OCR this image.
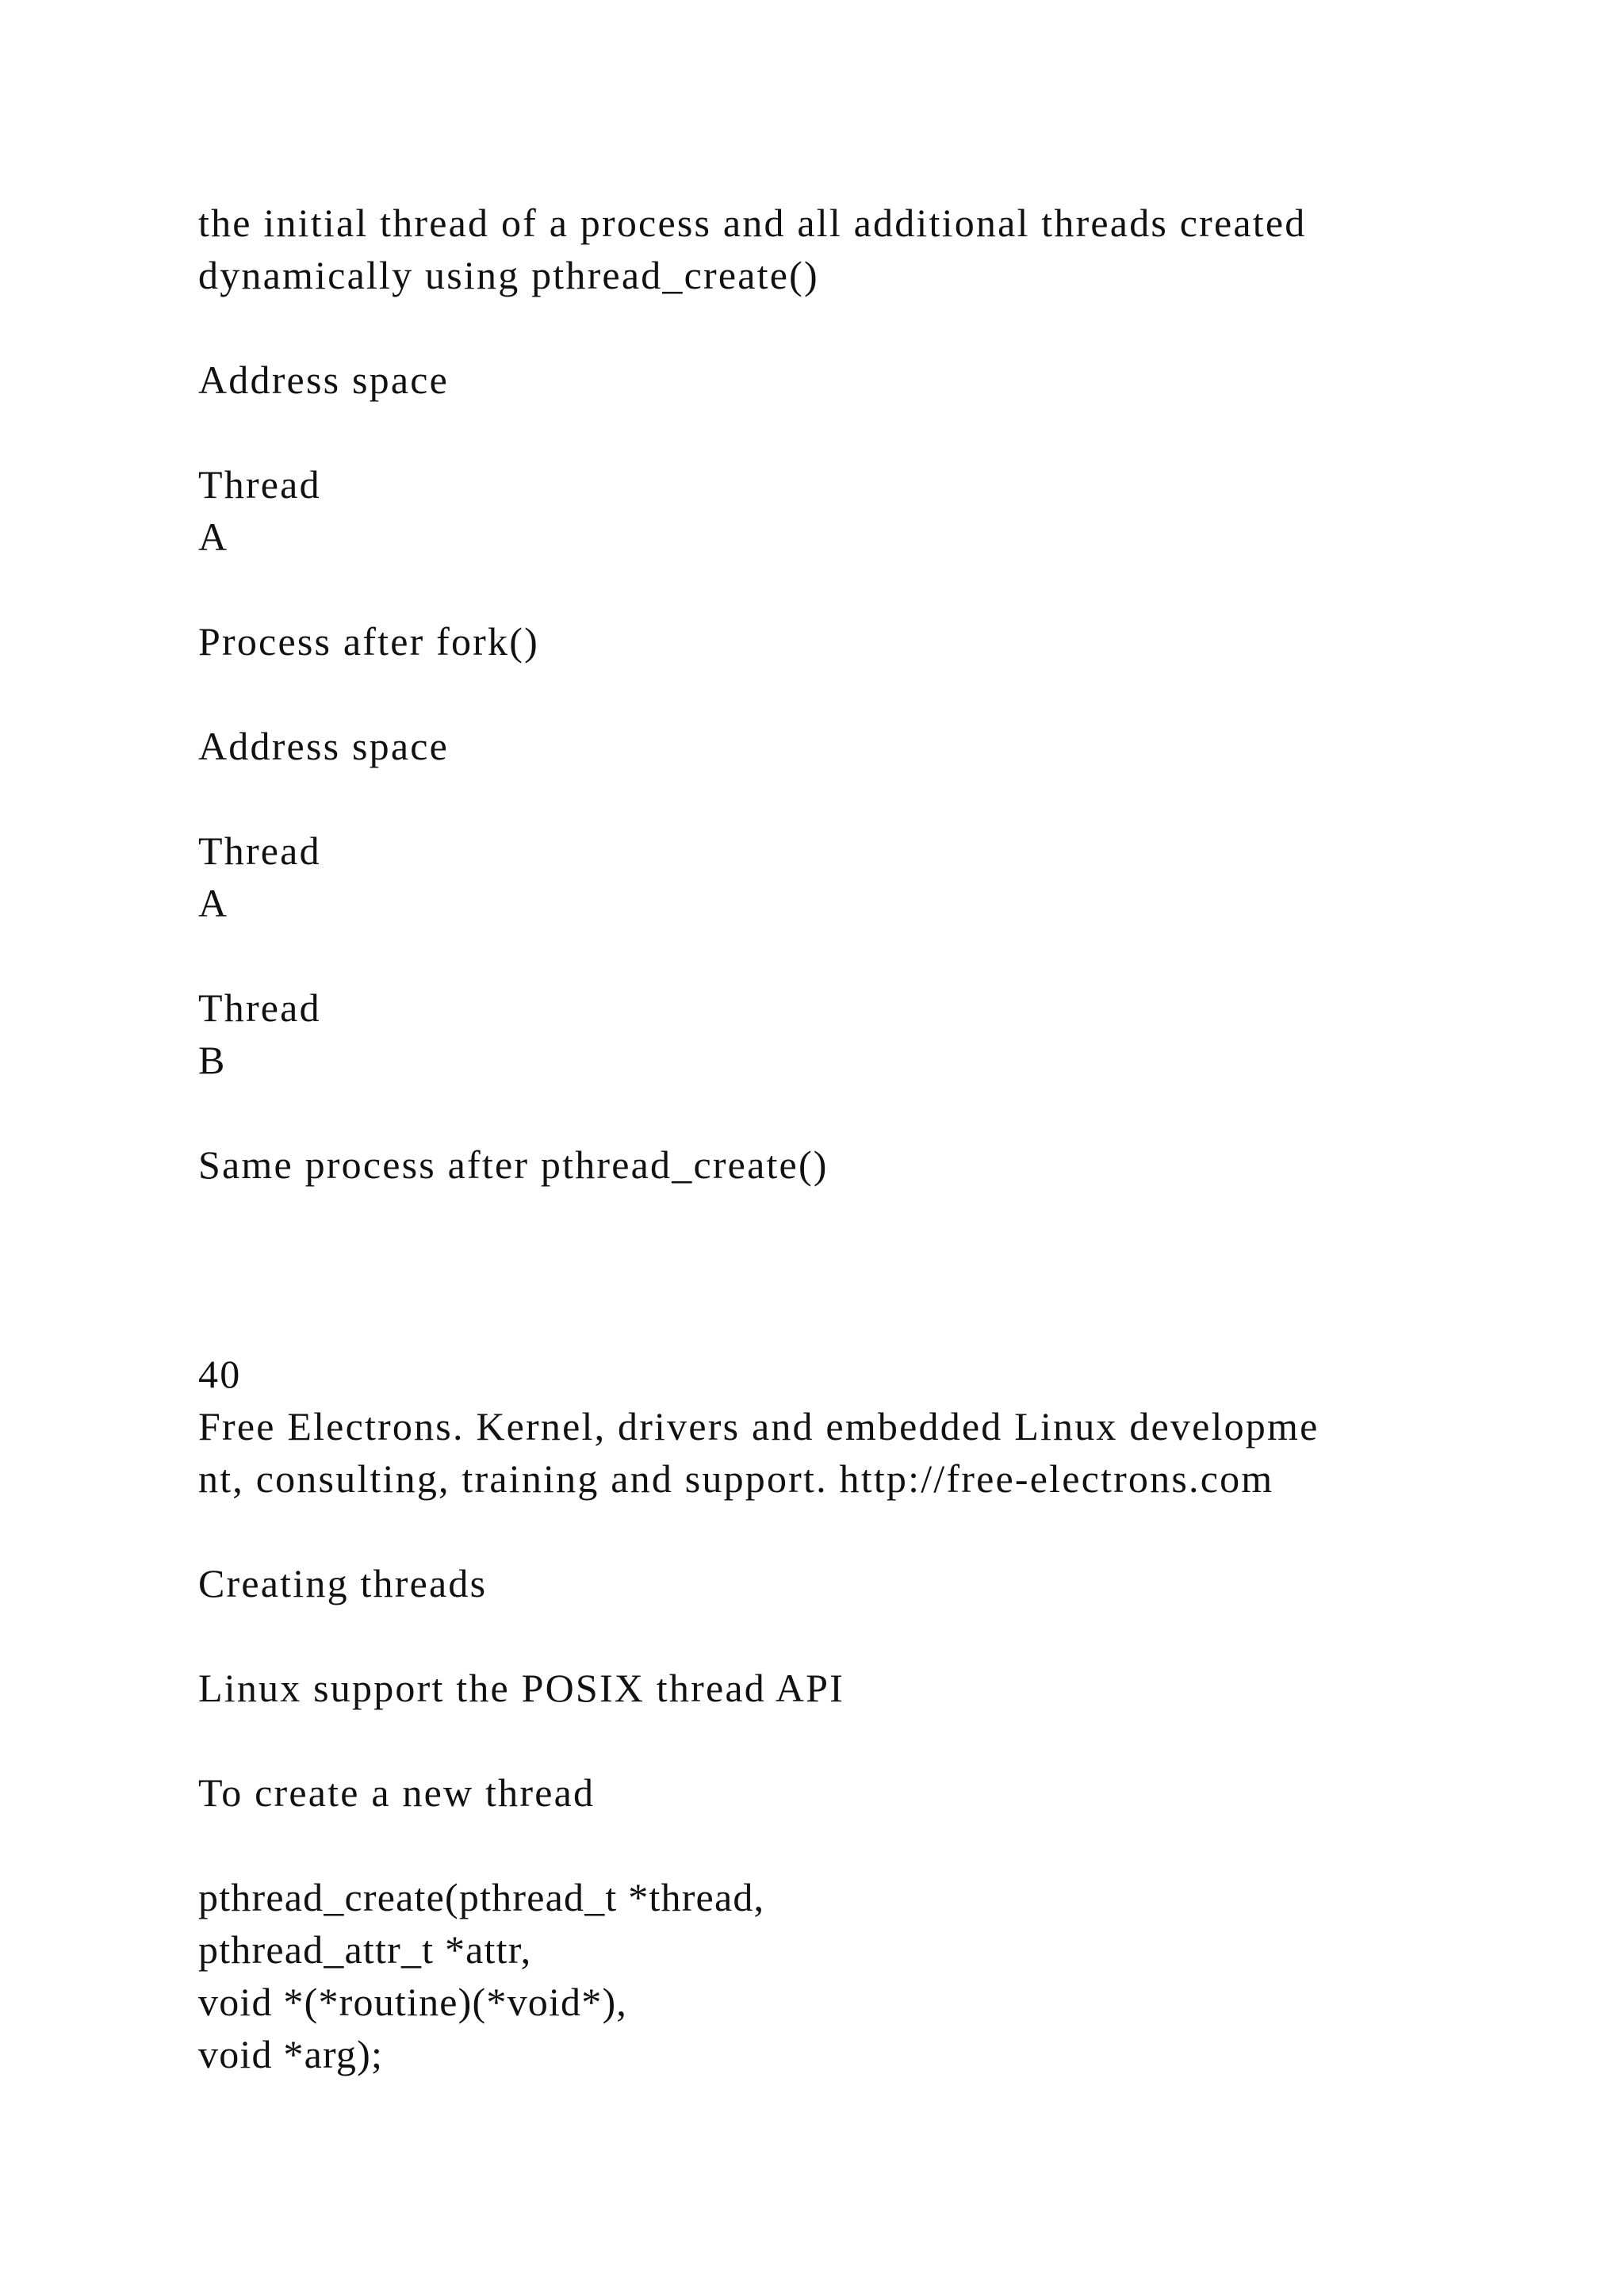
the initial thread of a process and all additional threads created

dynamically using pthread_create()

Address space

Thread

A

Process after fork()

Address space

Thread

A

Thread

B

Same process after pthread_create()

40

Free Electrons. Kernel, drivers and embedded Linux developme

nt, consulting, training and support. http://free-electrons.com

Creating threads

Linux support the POSIX thread API

To create a new thread

pthread_create(pthread_t *thread,

pthread_attr_t *attr,

void *(*routine)(*void*),

void *arg);
